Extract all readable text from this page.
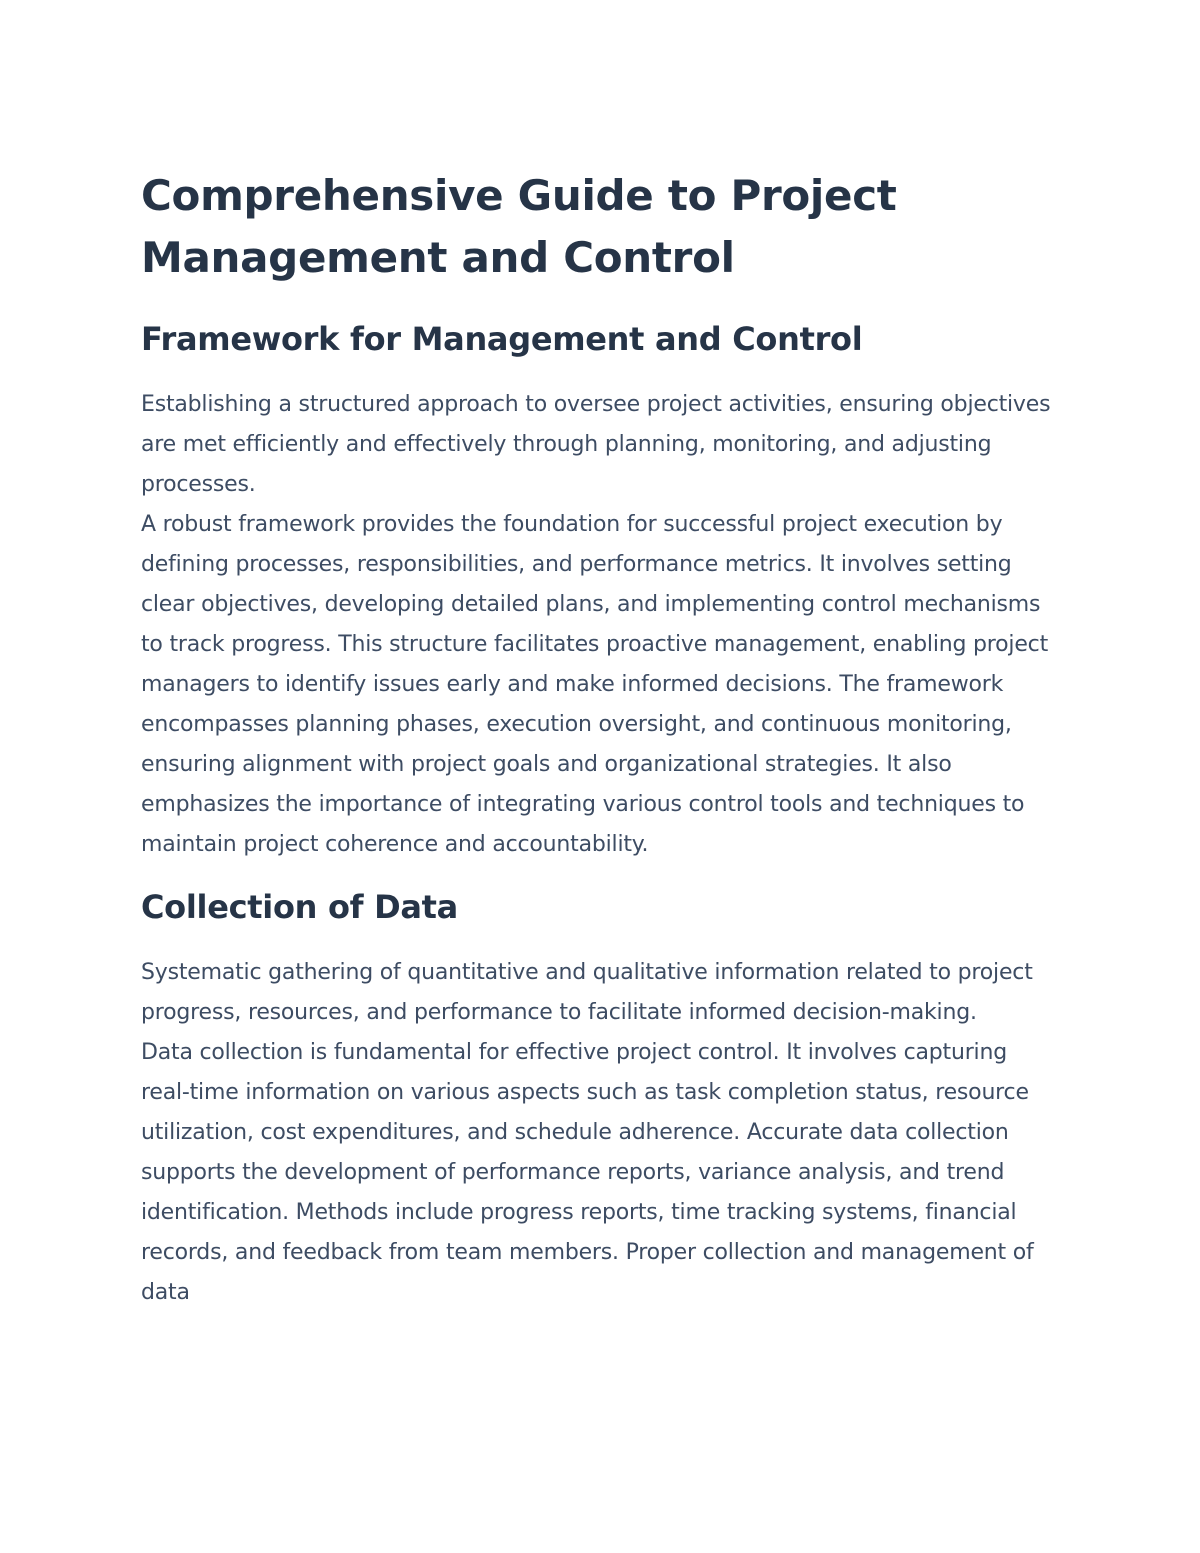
Comprehensive Guide to Project Management and Control
Framework for Management and Control

Establishing a structured approach to oversee project activities, ensuring objectives are met efficiently and effectively through planning, monitoring, and adjusting processes.

A robust framework provides the foundation for successful project execution by defining processes, responsibilities, and performance metrics. It involves setting clear objectives, developing detailed plans, and implementing control mechanisms to track progress. This structure facilitates proactive management, enabling project managers to identify issues early and make informed decisions. The framework encompasses planning phases, execution oversight, and continuous monitoring, ensuring alignment with project goals and organizational strategies. It also emphasizes the importance of integrating various control tools and techniques to maintain project coherence and accountability.

Collection of Data

Systematic gathering of quantitative and qualitative information related to project progress, resources, and performance to facilitate informed decision-making.

Data collection is fundamental for effective project control. It involves capturing real-time information on various aspects such as task completion status, resource utilization, cost expenditures, and schedule adherence. Accurate data collection supports the development of performance reports, variance analysis, and trend identification. Methods include progress reports, time tracking systems, financial records, and feedback from team members. Proper collection and management of data
